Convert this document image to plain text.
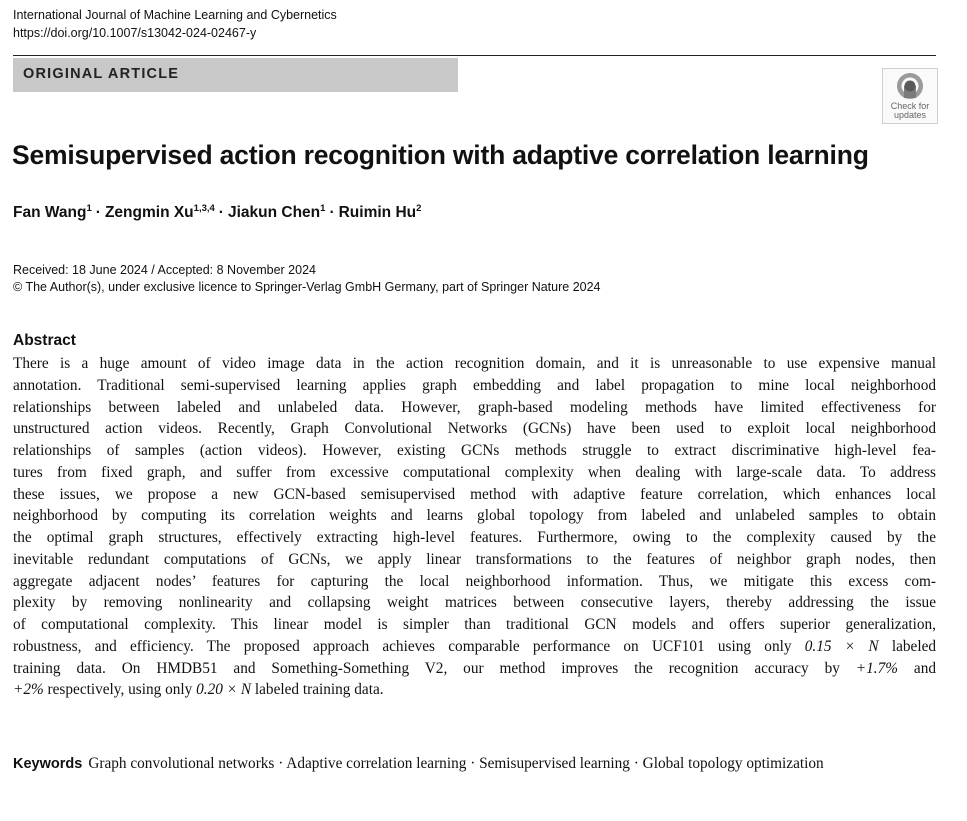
International Journal of Machine Learning and Cybernetics
https://doi.org/10.1007/s13042-024-02467-y
ORIGINAL ARTICLE
Check for
updates
Semisupervised action recognition with adaptive correlation learning
Fan Wang$^1$ · Zengmin Xu$^{1,3,4}$ · Jiakun Chen$^1$ · Ruimin Hu$^2$
Received: 18 June 2024 / Accepted: 8 November 2024
© The Author(s), under exclusive licence to Springer-Verlag GmbH Germany, part of Springer Nature 2024
Abstract
There is a huge amount of video image data in the action recognition domain, and it is unreasonable to use expensive manual
annotation. Traditional semi-supervised learning applies graph embedding and label propagation to mine local neighborhood
relationships between labeled and unlabeled data. However, graph-based modeling methods have limited effectiveness for
unstructured action videos. Recently, Graph Convolutional Networks (GCNs) have been used to exploit local neighborhood
relationships of samples (action videos). However, existing GCNs methods struggle to extract discriminative high-level fea-
tures from fixed graph, and suffer from excessive computational complexity when dealing with large-scale data. To address
these issues, we propose a new GCN-based semisupervised method with adaptive feature correlation, which enhances local
neighborhood by computing its correlation weights and learns global topology from labeled and unlabeled samples to obtain
the optimal graph structures, effectively extracting high-level features. Furthermore, owing to the complexity caused by the
inevitable redundant computations of GCNs, we apply linear transformations to the features of neighbor graph nodes, then
aggregate adjacent nodes’ features for capturing the local neighborhood information. Thus, we mitigate this excess com-
plexity by removing nonlinearity and collapsing weight matrices between consecutive layers, thereby addressing the issue
of computational complexity. This linear model is simpler than traditional GCN models and offers superior generalization,
robustness, and efficiency. The proposed approach achieves comparable performance on UCF101 using only 0.15 × N labeled
training data. On HMDB51 and Something-Something V2, our method improves the recognition accuracy by +1.7% and
+2% respectively, using only 0.20 × N labeled training data.
Keywords Graph convolutional networks · Adaptive correlation learning · Semisupervised learning · Global topology optimization
